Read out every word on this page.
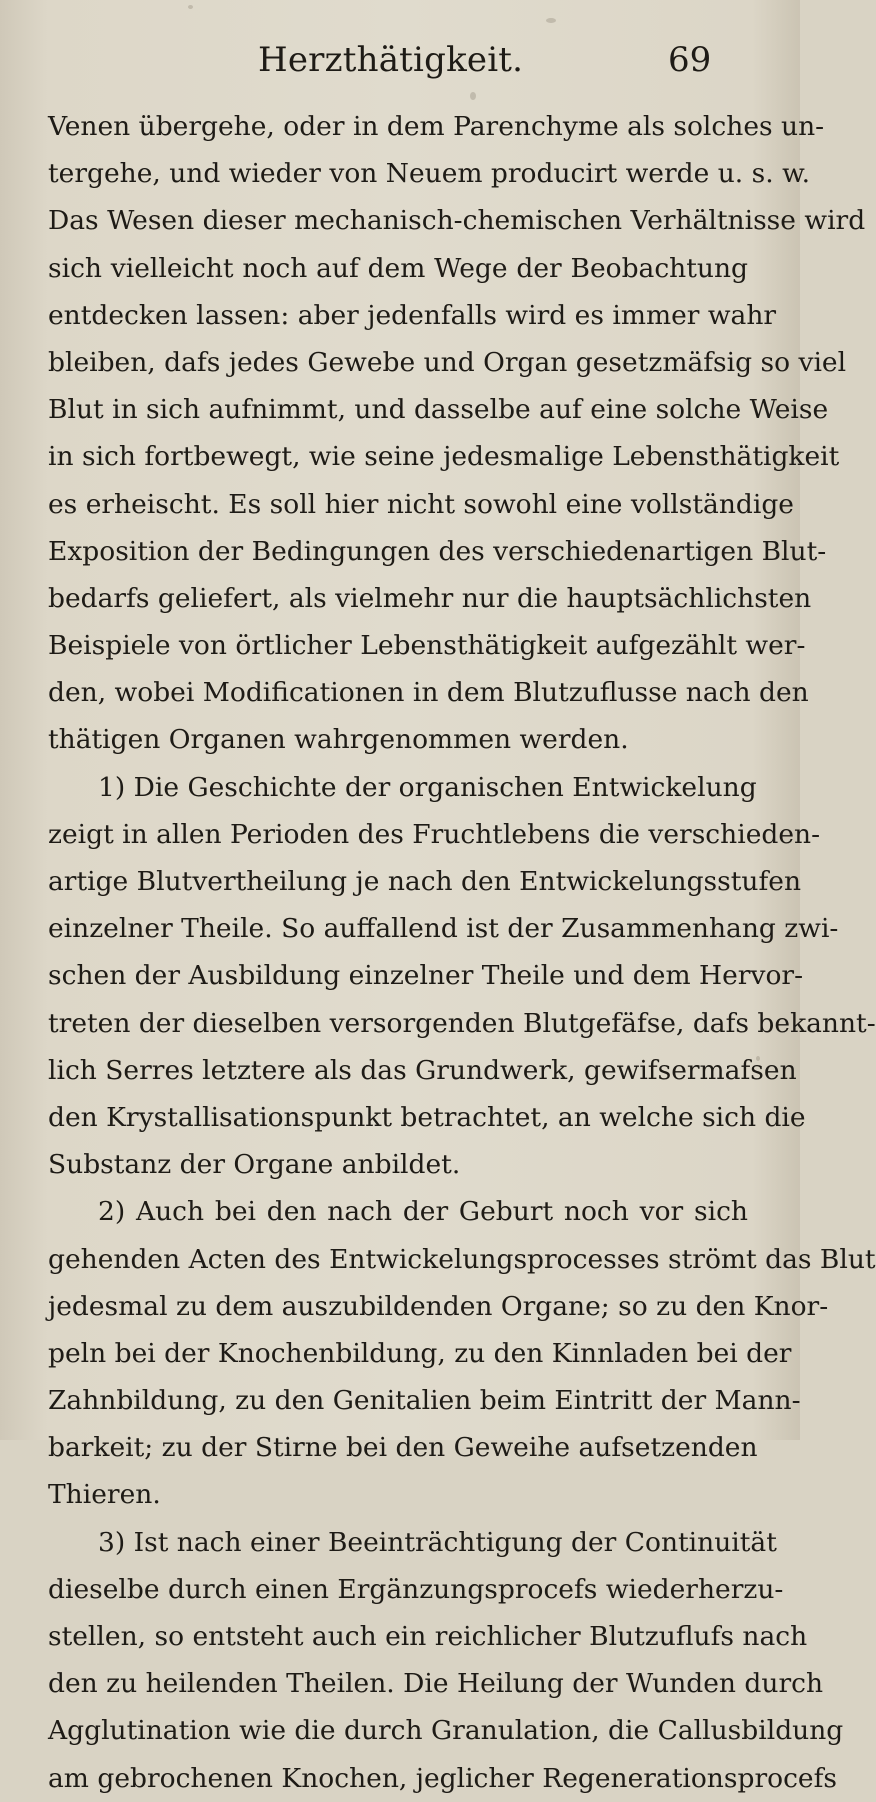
Herzthätigkeit.	69
Venen übergehe, oder in dem Parenchyme als solches un-
tergehe, und wieder von Neuem producirt werde u. s. w.
Das Wesen dieser mechanisch-chemischen Verhältnisse wird
sich vielleicht noch auf dem Wege der Beobachtung
entdecken lassen: aber jedenfalls wird es immer wahr
bleiben, dafs jedes Gewebe und Organ gesetzmäfsig so viel
Blut in sich aufnimmt, und dasselbe auf eine solche Weise
in sich fortbewegt, wie seine jedesmalige Lebensthätigkeit
es erheischt. Es soll hier nicht sowohl eine vollständige
Exposition der Bedingungen des verschiedenartigen Blut-
bedarfs geliefert, als vielmehr nur die hauptsächlichsten
Beispiele von örtlicher Lebensthätigkeit aufgezählt wer-
den, wobei Modificationen in dem Blutzuflusse nach den
thätigen Organen wahrgenommen werden.
1) Die Geschichte der organischen Entwickelung
zeigt in allen Perioden des Fruchtlebens die verschieden-
artige Blutvertheilung je nach den Entwickelungsstufen
einzelner Theile. So auffallend ist der Zusammenhang zwi-
schen der Ausbildung einzelner Theile und dem Hervor-
treten der dieselben versorgenden Blutgefäfse, dafs bekannt-
lich Serres letztere als das Grundwerk, gewifsermafsen
den Krystallisationspunkt betrachtet, an welche sich die
Substanz der Organe anbildet.
2) Auch bei den nach der Geburt noch vor sich
gehenden Acten des Entwickelungsprocesses strömt das Blut
jedesmal zu dem auszubildenden Organe; so zu den Knor-
peln bei der Knochenbildung, zu den Kinnladen bei der
Zahnbildung, zu den Genitalien beim Eintritt der Mann-
barkeit; zu der Stirne bei den Geweihe aufsetzenden
Thieren.
3) Ist nach einer Beeinträchtigung der Continuität
dieselbe durch einen Ergänzungsprocefs wiederherzu-
stellen, so entsteht auch ein reichlicher Blutzuflufs nach
den zu heilenden Theilen. Die Heilung der Wunden durch
Agglutination wie die durch Granulation, die Callusbildung
am gebrochenen Knochen, jeglicher Regenerationsprocefs
